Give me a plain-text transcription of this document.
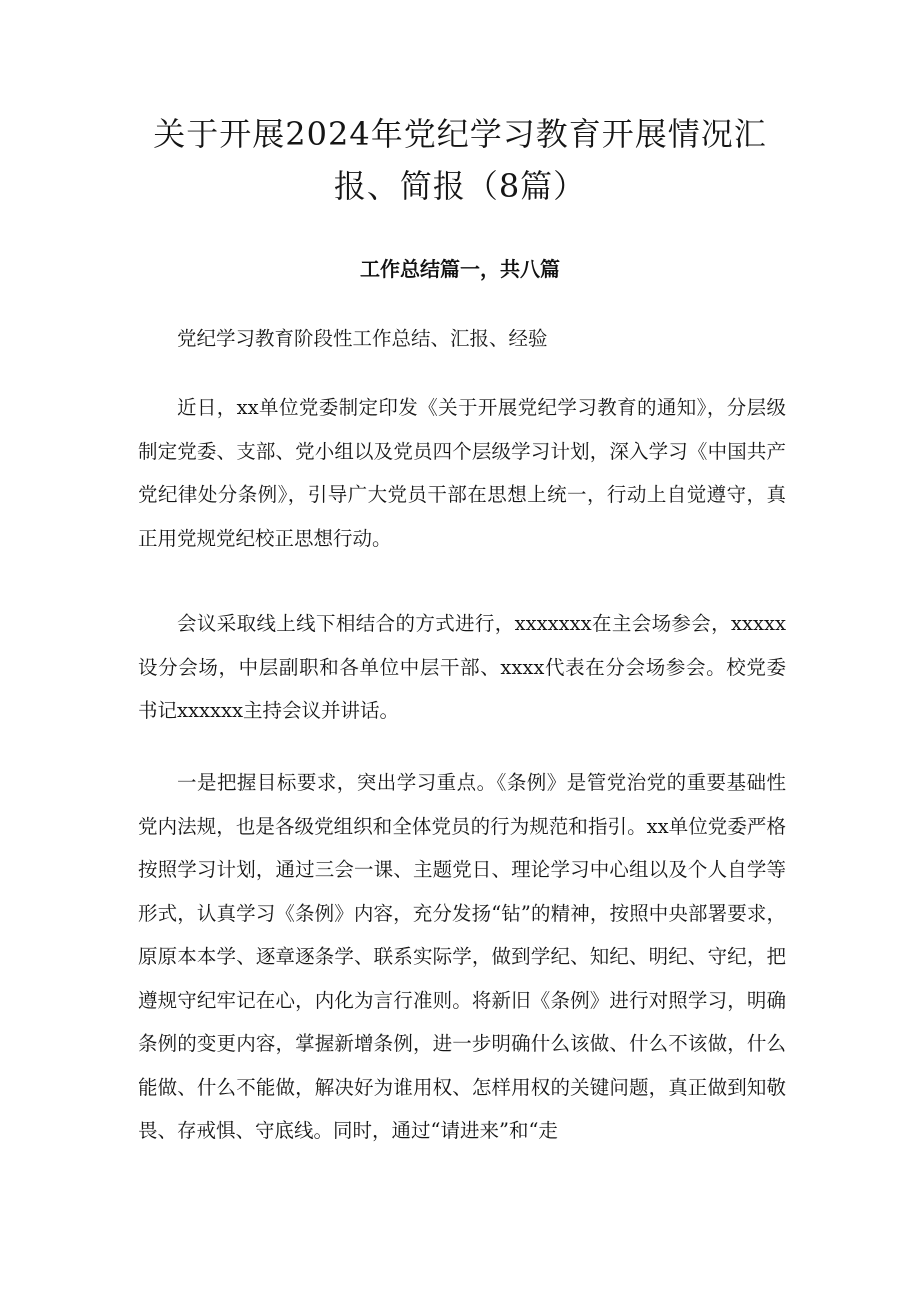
关于开展2024年党纪学习教育开展情况汇
报、简报（8篇）
工作总结篇一，共八篇

党纪学习教育阶段性工作总结、汇报、经验

近日，xx单位党委制定印发《关于开展党纪学习教育的通知》，分层级制定党委、支部、党小组以及党员四个层级学习计划，深入学习《中国共产党纪律处分条例》，引导广大党员干部在思想上统一，行动上自觉遵守，真正用党规党纪校正思想行动。

会议采取线上线下相结合的方式进行，xxxxxxx在主会场参会，xxxxx设分会场，中层副职和各单位中层干部、xxxx代表在分会场参会。校党委书记xxxxxx主持会议并讲话。

一是把握目标要求，突出学习重点。《条例》是管党治党的重要基础性党内法规，也是各级党组织和全体党员的行为规范和指引。xx单位党委严格按照学习计划，通过三会一课、主题党日、理论学习中心组以及个人自学等形式，认真学习《条例》内容，充分发扬“钻”的精神，按照中央部署要求，原原本本学、逐章逐条学、联系实际学，做到学纪、知纪、明纪、守纪，把遵规守纪牢记在心，内化为言行准则。将新旧《条例》进行对照学习，明确条例的变更内容，掌握新增条例，进一步明确什么该做、什么不该做，什么能做、什么不能做，解决好为谁用权、怎样用权的关键问题，真正做到知敬畏、存戒惧、守底线。同时，通过“请进来”和“走
